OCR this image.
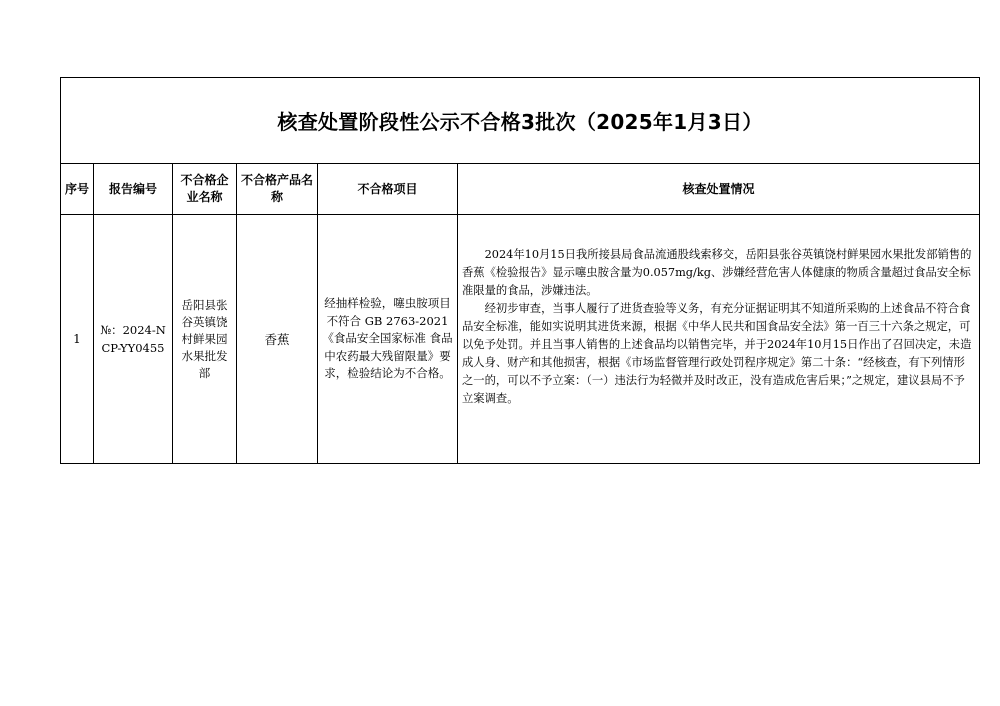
核查处置阶段性公示不合格3批次（2025年1月3日）					
序号	报告编号	不合格企业名称	不合格产品名称	不合格项目	核查处置情况
1	№：2024-NCP-YY0455	岳阳县张谷英镇饶村鲜果园水果批发部	香蕉	经抽样检验，噻虫胺项目不符合 GB 2763-2021《食品安全国家标准 食品中农药最大残留限量》要求，检验结论为不合格。	2024年10月15日我所接县局食品流通股线索移交，岳阳县张谷英镇饶村鲜果园水果批发部销售的香蕉《检验报告》显示噻虫胺含量为0.057mg/kg、涉嫌经营危害人体健康的物质含量超过食品安全标准限量的食品，涉嫌违法。

经初步审查，当事人履行了进货查验等义务，有充分证据证明其不知道所采购的上述食品不符合食品安全标准，能如实说明其进货来源，根据《中华人民共和国食品安全法》第一百三十六条之规定，可以免予处罚。并且当事人销售的上述食品均以销售完毕，并于2024年10月15日作出了召回决定，未造成人身、财产和其他损害，根据《市场监督管理行政处罚程序规定》第二十条：“经核查，有下列情形之一的，可以不予立案：（一）违法行为轻微并及时改正，没有造成危害后果；”之规定，建议县局不予立案调查。
